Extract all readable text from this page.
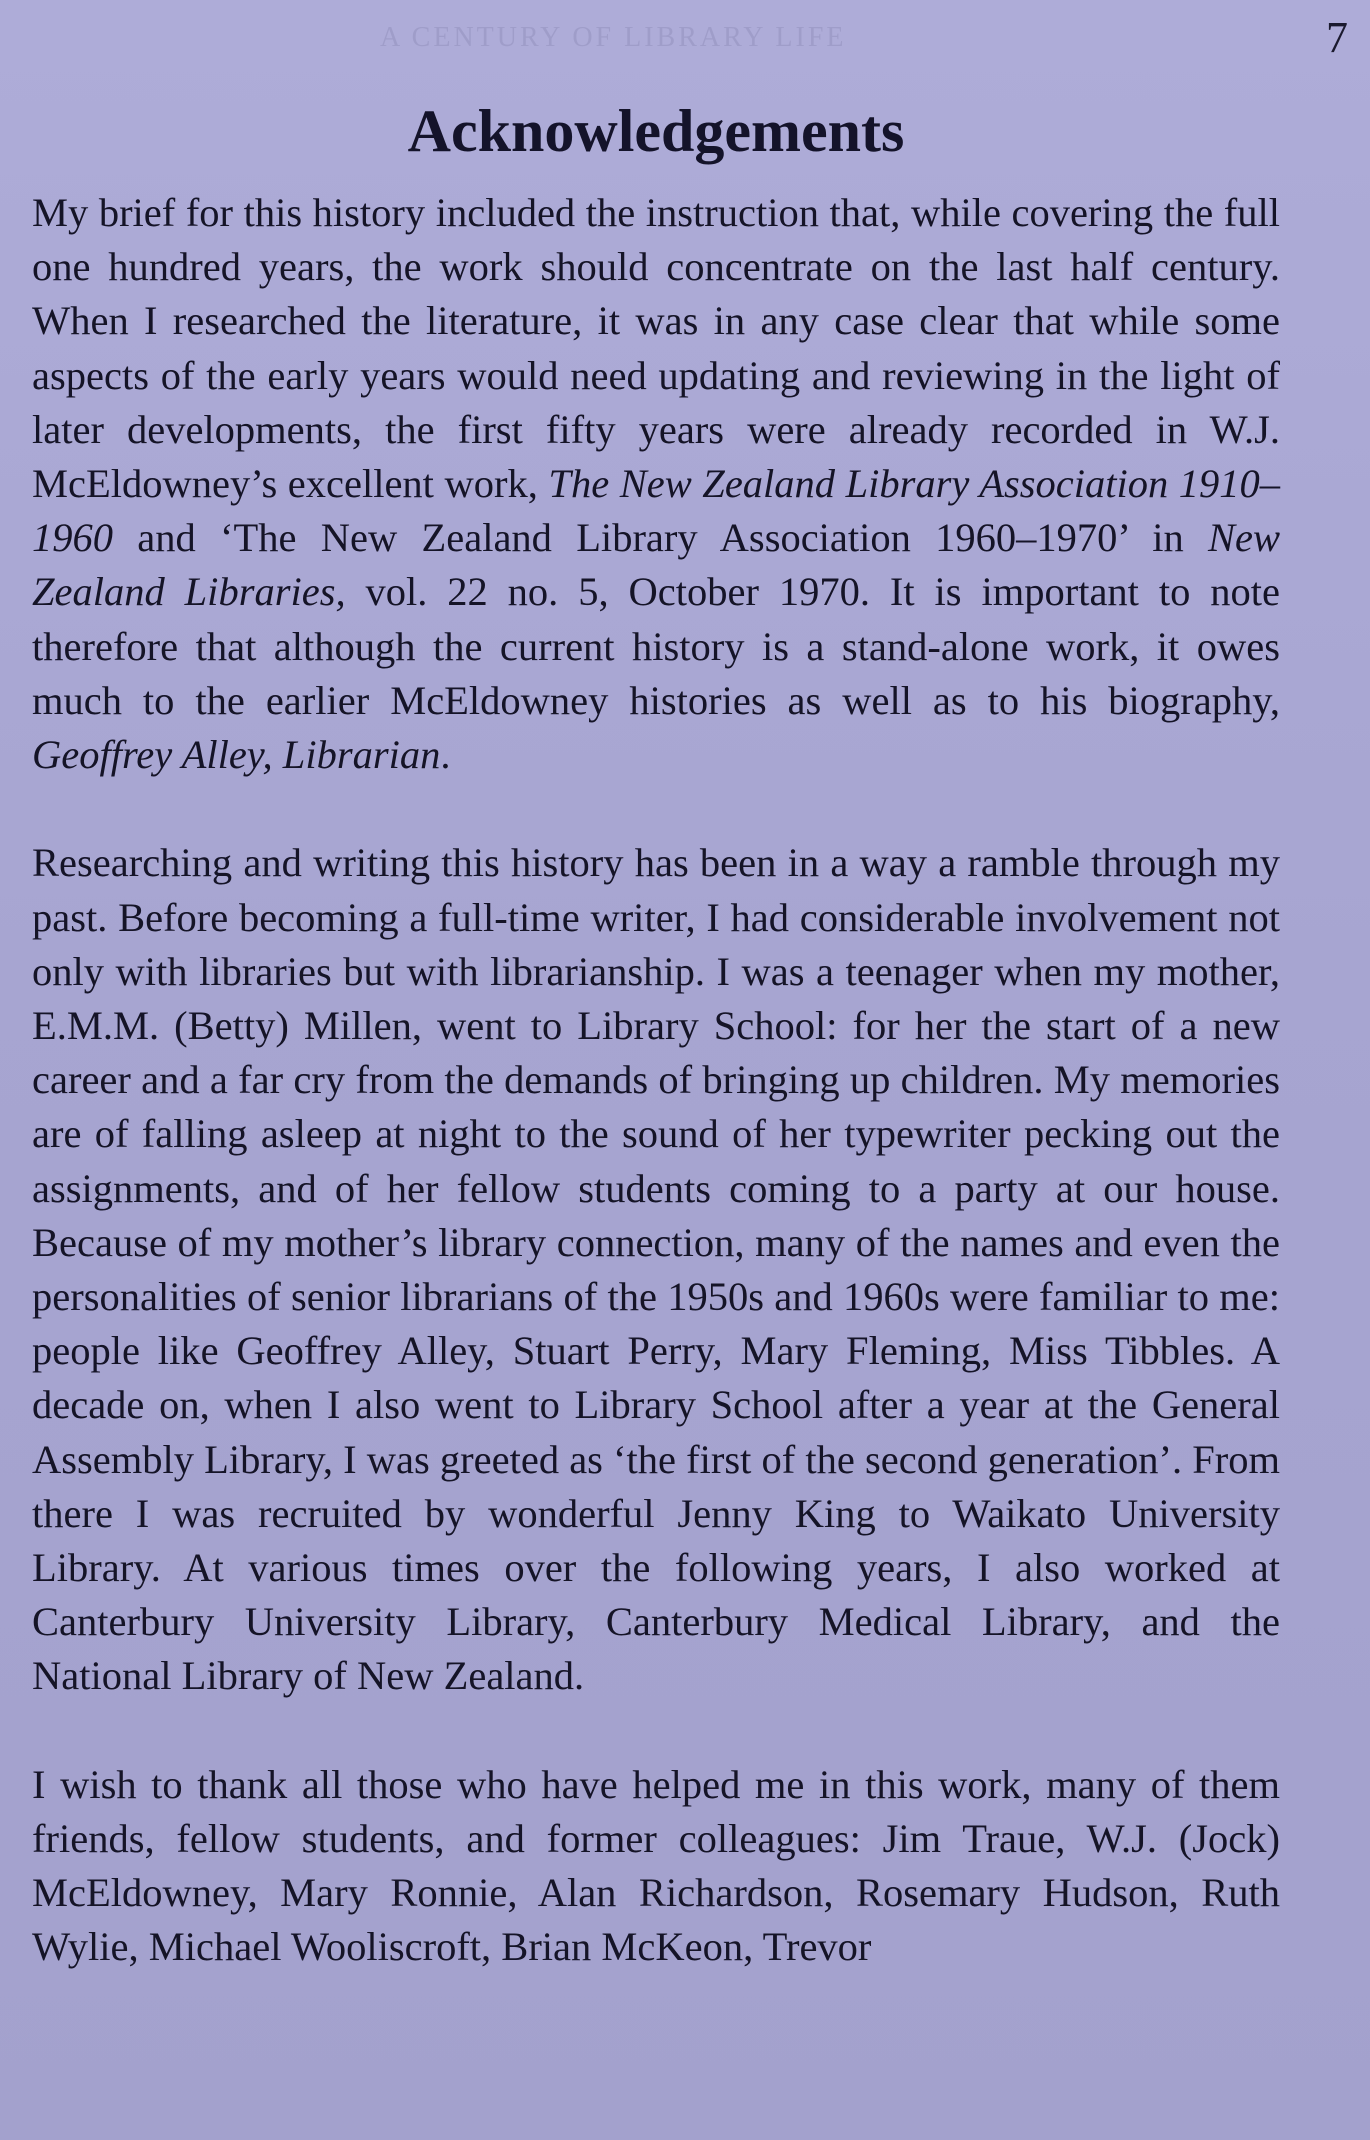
A CENTURY OF LIBRARY LIFE	7
Acknowledgements

My brief for this history included the instruction that, while covering the full one hundred years, the work should concentrate on the last half century. When I researched the literature, it was in any case clear that while some aspects of the early years would need updating and reviewing in the light of later developments, the first fifty years were already recorded in W.J. McEldowney’s excellent work, The New Zealand Library Association 1910–1960 and ‘The New Zealand Library Association 1960–1970’ in New Zealand Libraries, vol. 22 no. 5, October 1970. It is important to note therefore that although the current history is a stand-alone work, it owes much to the earlier McEldowney histories as well as to his biography, Geoffrey Alley, Librarian.

Researching and writing this history has been in a way a ramble through my past. Before becoming a full-time writer, I had considerable involvement not only with libraries but with librarianship. I was a teenager when my mother, E.M.M. (Betty) Millen, went to Library School: for her the start of a new career and a far cry from the demands of bringing up children. My memories are of falling asleep at night to the sound of her typewriter pecking out the assignments, and of her fellow students coming to a party at our house. Because of my mother’s library connection, many of the names and even the personalities of senior librarians of the 1950s and 1960s were familiar to me: people like Geoffrey Alley, Stuart Perry, Mary Fleming, Miss Tibbles. A decade on, when I also went to Library School after a year at the General Assembly Library, I was greeted as ‘the first of the second generation’. From there I was recruited by wonderful Jenny King to Waikato University Library. At various times over the following years, I also worked at Canterbury University Library, Canterbury Medical Library, and the National Library of New Zealand.

I wish to thank all those who have helped me in this work, many of them friends, fellow students, and former colleagues: Jim Traue, W.J. (Jock) McEldowney, Mary Ronnie, Alan Richardson, Rosemary Hudson, Ruth Wylie, Michael Wooliscroft, Brian McKeon, Trevor
